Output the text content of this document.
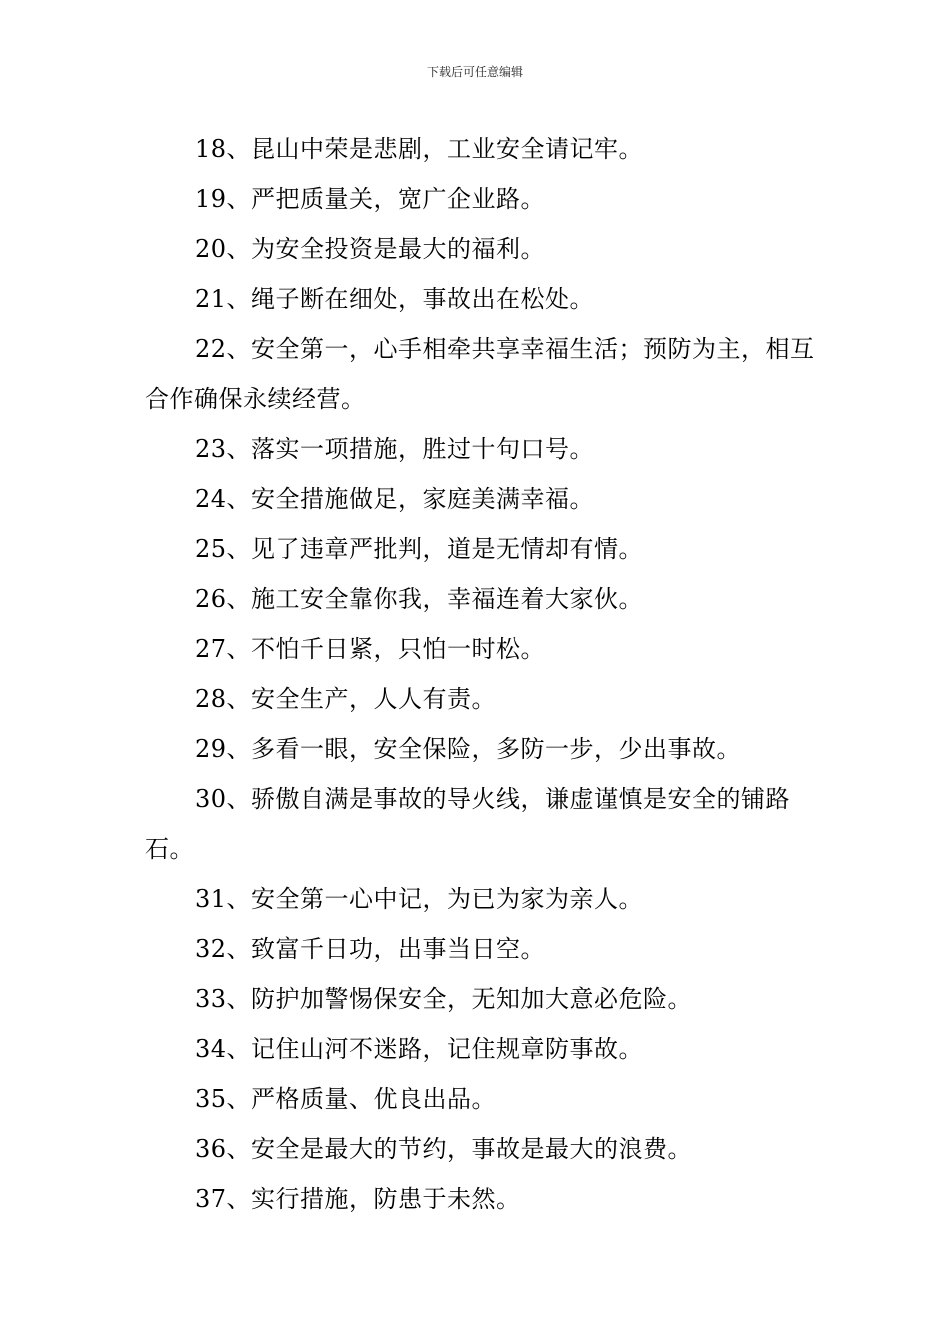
下载后可任意编辑

18、昆山中荣是悲剧，工业安全请记牢。

19、严把质量关，宽广企业路。

20、为安全投资是最大的福利。

21、绳子断在细处，事故出在松处。

22、安全第一，心手相牵共享幸福生活；预防为主，相互合作确保永续经营。

23、落实一项措施，胜过十句口号。

24、安全措施做足，家庭美满幸福。

25、见了违章严批判，道是无情却有情。

26、施工安全靠你我，幸福连着大家伙。

27、不怕千日紧，只怕一时松。

28、安全生产，人人有责。

29、多看一眼，安全保险，多防一步，少出事故。

30、骄傲自满是事故的导火线，谦虚谨慎是安全的铺路石。

31、安全第一心中记，为已为家为亲人。

32、致富千日功，出事当日空。

33、防护加警惕保安全，无知加大意必危险。

34、记住山河不迷路，记住规章防事故。

35、严格质量、优良出品。

36、安全是最大的节约，事故是最大的浪费。

37、实行措施，防患于未然。
